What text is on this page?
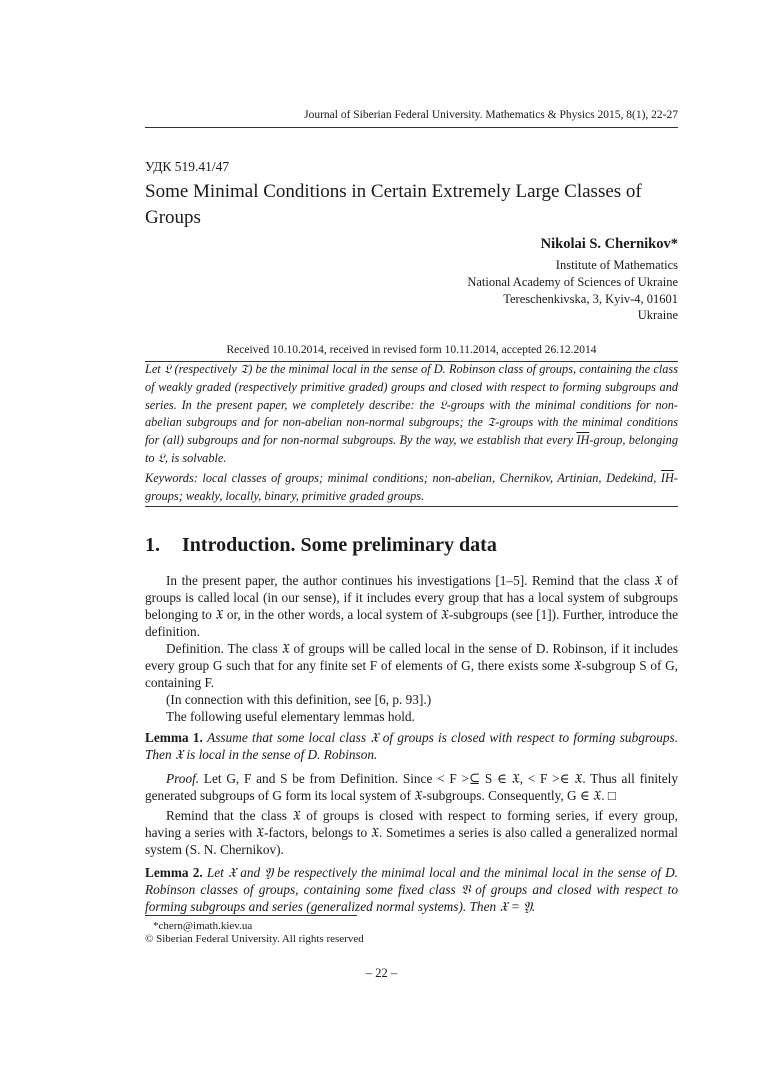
Journal of Siberian Federal University. Mathematics & Physics 2015, 8(1), 22-27
УДК 519.41/47
Some Minimal Conditions in Certain Extremely Large Classes of Groups
Nikolai S. Chernikov*
Institute of Mathematics
National Academy of Sciences of Ukraine
Tereschenkivska, 3, Kyiv-4, 01601
Ukraine
Received 10.10.2014, received in revised form 10.11.2014, accepted 26.12.2014
Let 𝔏 (respectively 𝔗) be the minimal local in the sense of D. Robinson class of groups, containing the class of weakly graded (respectively primitive graded) groups and closed with respect to forming subgroups and series. In the present paper, we completely describe: the 𝔏-groups with the minimal conditions for non-abelian subgroups and for non-abelian non-normal subgroups; the 𝔗-groups with the minimal conditions for (all) subgroups and for non-normal subgroups. By the way, we establish that every $\overline{IH}$-group, belonging to 𝔏, is solvable.
Keywords: local classes of groups; minimal conditions; non-abelian, Chernikov, Artinian, Dedekind, $\overline{IH}$-groups; weakly, locally, binary, primitive graded groups.
1. Introduction. Some preliminary data
In the present paper, the author continues his investigations [1–5]. Remind that the class 𝔛 of groups is called local (in our sense), if it includes every group that has a local system of subgroups belonging to 𝔛 or, in the other words, a local system of 𝔛-subgroups (see [1]). Further, introduce the definition.
Definition. The class 𝔛 of groups will be called local in the sense of D. Robinson, if it includes every group G such that for any finite set F of elements of G, there exists some 𝔛-subgroup S of G, containing F.
(In connection with this definition, see [6, p. 93].)
The following useful elementary lemmas hold.
Lemma 1. Assume that some local class 𝔛 of groups is closed with respect to forming subgroups. Then 𝔛 is local in the sense of D. Robinson.
Proof. Let G, F and S be from Definition. Since < F >⊆ S ∈ 𝔛, < F >∈ 𝔛. Thus all finitely generated subgroups of G form its local system of 𝔛-subgroups. Consequently, G ∈ 𝔛. □
Remind that the class 𝔛 of groups is closed with respect to forming series, if every group, having a series with 𝔛-factors, belongs to 𝔛. Sometimes a series is also called a generalized normal system (S. N. Chernikov).
Lemma 2. Let 𝔛 and 𝔜 be respectively the minimal local and the minimal local in the sense of D. Robinson classes of groups, containing some fixed class 𝔙 of groups and closed with respect to forming subgroups and series (generalized normal systems). Then 𝔛 = 𝔜.
*chern@imath.kiev.ua
© Siberian Federal University. All rights reserved
– 22 –
